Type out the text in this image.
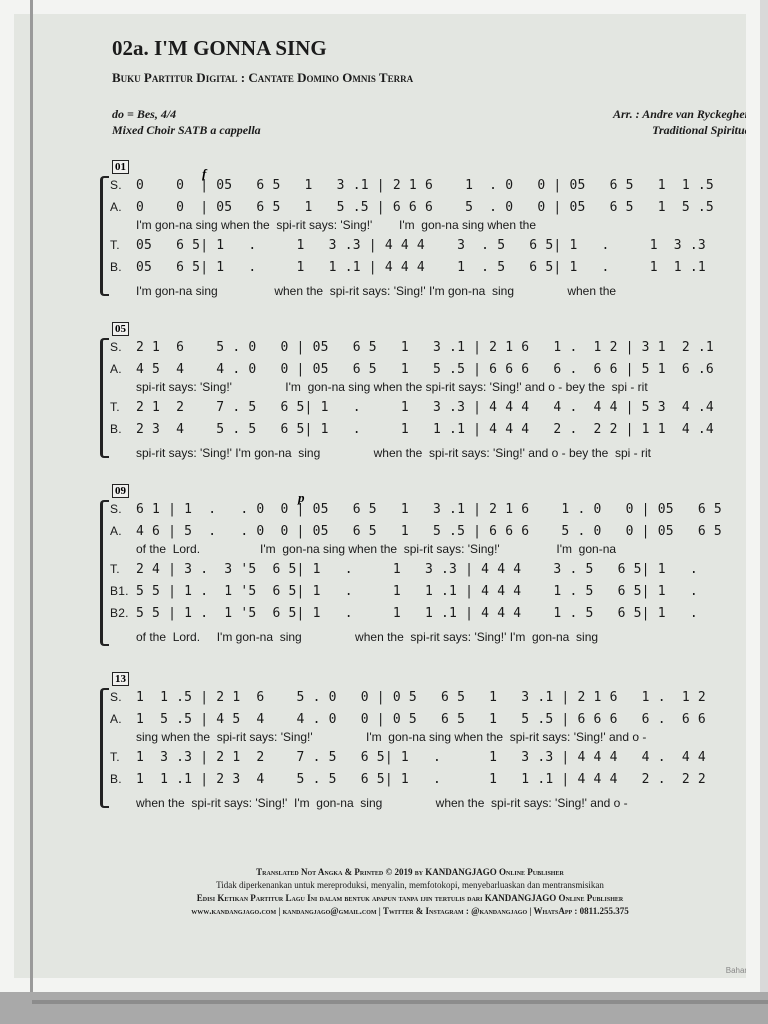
11
02a. I'M GONNA SING
Buku Partitur Digital : Cantate Domino Omnis Terra
do = Bes, 4/4
Mixed Choir SATB a cappella
Arr. : Andre van Ryckeghem
Traditional Spiritual
01	f
S. 0    0  | 05   6 5   1   3 .1 | 2 1 6    1  . 0   0 | 05   6 5   1  1 .5
A. 0    0  | 05   6 5   1   5 .5 | 6 6 6    5  . 0   0 | 05   6 5   1  5 .5
I'm gon-na sing when the  spi-rit says: 'Sing!'        I'm  gon-na sing when the
T. 05   6 5| 1   .     1   3 .3 | 4 4 4    3  . 5   6 5| 1   .     1  3 .3
B. 05   6 5| 1   .     1   1 .1 | 4 4 4    1  . 5   6 5| 1   .     1  1 .1
I'm gon-na sing                 when the  spi-rit says: 'Sing!' I'm gon-na  sing                when the
05
S. 2 1  6    5 . 0   0 | 05   6 5   1   3 .1 | 2 1 6   1 .  1 2 | 3 1  2 .1
A. 4 5  4    4 . 0   0 | 05   6 5   1   5 .5 | 6 6 6   6 .  6 6 | 5 1  6 .6
spi-rit says: 'Sing!'                I'm  gon-na sing when the spi-rit says: 'Sing!' and o - bey the  spi - rit
T. 2 1  2    7 . 5   6 5| 1   .     1   3 .3 | 4 4 4   4 .  4 4 | 5 3  4 .4
B. 2 3  4    5 . 5   6 5| 1   .     1   1 .1 | 4 4 4   2 .  2 2 | 1 1  4 .4
spi-rit says: 'Sing!' I'm gon-na  sing                when the  spi-rit says: 'Sing!' and o - bey the  spi - rit
09	p
S. 6 1 | 1  .   . 0  0 | 05   6 5   1   3 .1 | 2 1 6    1 . 0   0 | 05   6 5
A. 4 6 | 5  .   . 0  0 | 05   6 5   1   5 .5 | 6 6 6    5 . 0   0 | 05   6 5
of the  Lord.                  I'm  gon-na sing when the  spi-rit says: 'Sing!'                 I'm  gon-na
T. 2 4 | 3 .  3 '5  6 5| 1   .     1   3 .3 | 4 4 4    3 . 5   6 5| 1   .
B1. 5 5 | 1 .  1 '5  6 5| 1   .     1   1 .1 | 4 4 4    1 . 5   6 5| 1   .
B2. 5 5 | 1 .  1 '5  6 5| 1   .     1   1 .1 | 4 4 4    1 . 5   6 5| 1   .
of the  Lord.     I'm gon-na  sing                when the  spi-rit says: 'Sing!' I'm  gon-na  sing
13
S. 1  1 .5 | 2 1  6    5 . 0   0 | 0 5   6 5   1   3 .1 | 2 1 6   1 .  1 2
A. 1  5 .5 | 4 5  4    4 . 0   0 | 0 5   6 5   1   5 .5 | 6 6 6   6 .  6 6
sing when the  spi-rit says: 'Sing!'                I'm  gon-na sing when the  spi-rit says: 'Sing!' and o -
T. 1  3 .3 | 2 1  2    7 . 5   6 5| 1   .      1   3 .3 | 4 4 4   4 .  4 4
B. 1  1 .1 | 2 3  4    5 . 5   6 5| 1   .      1   1 .1 | 4 4 4   2 .  2 2
when the  spi-rit says: 'Sing!'  I'm  gon-na  sing                when the  spi-rit says: 'Sing!' and o -
Translated Not Angka & Printed © 2019 by KANDANGJAGO Online Publisher
Tidak diperkenankan untuk mereproduksi, menyalin, memfotokopi, menyebarluaskan dan mentransmisikan
Edisi Ketikan Partitur Lagu Ini dalam bentuk apapun tanpa ijin tertulis dari KANDANGJAGO Online Publisher
www.kandangjago.com | kandangjago@gmail.com | Twitter & Instagram : @kandangjago | WhatsApp : 0811.255.375
Bahan de
